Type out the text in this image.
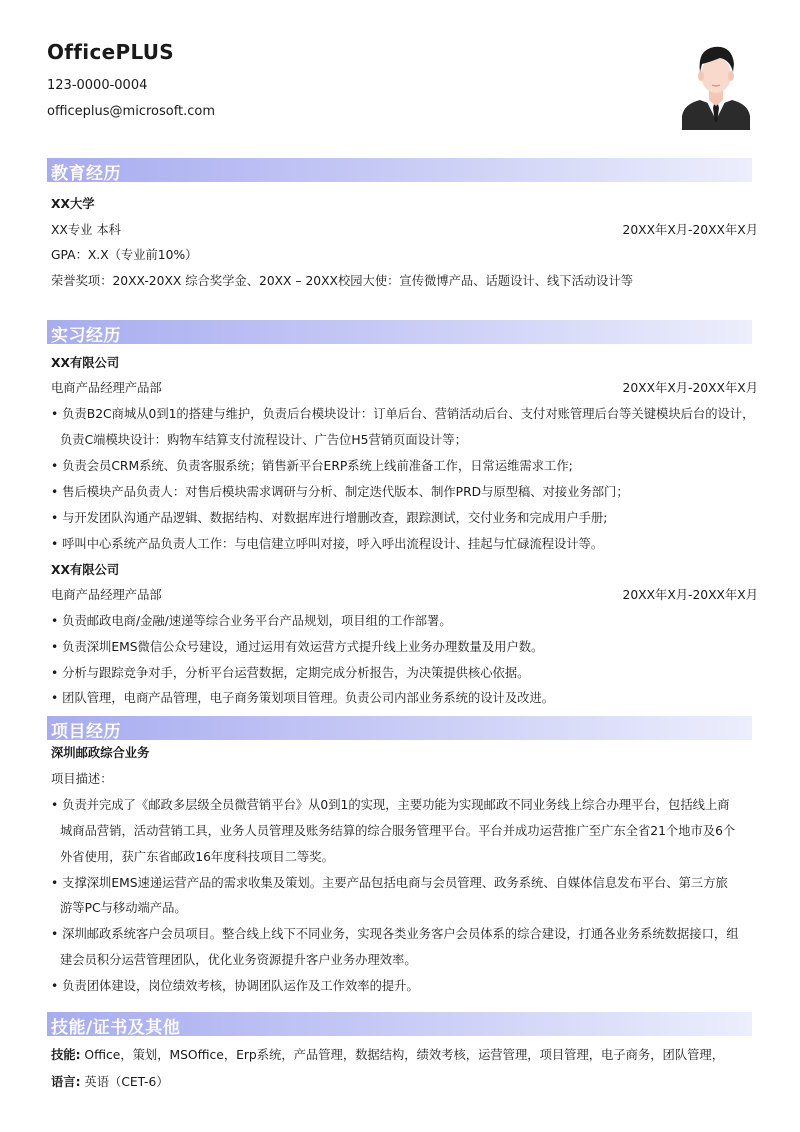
OfficePLUS
123-0000-0004
officeplus@microsoft.com
教育经历
XX大学
XX专业 本科	20XX年X月-20XX年X月
GPA：X.X（专业前10%）
荣誉奖项：20XX-20XX 综合奖学金、20XX – 20XX校园大使：宣传微博产品、话题设计、线下活动设计等
实习经历
XX有限公司
电商产品经理产品部	20XX年X月-20XX年X月
• 负责B2C商城从0到1的搭建与维护，负责后台模块设计：订单后台、营销活动后台、支付对账管理后台等关键模块后台的设计，
负责C端模块设计：购物车结算支付流程设计、广告位H5营销页面设计等；
• 负责会员CRM系统、负责客服系统；销售新平台ERP系统上线前准备工作，日常运维需求工作;
• 售后模块产品负责人：对售后模块需求调研与分析、制定迭代版本、制作PRD与原型稿、对接业务部门；
• 与开发团队沟通产品逻辑、数据结构、对数据库进行增删改查，跟踪测试，交付业务和完成用户手册;
• 呼叫中心系统产品负责人工作：与电信建立呼叫对接，呼入呼出流程设计、挂起与忙碌流程设计等。
XX有限公司
电商产品经理产品部	20XX年X月-20XX年X月
• 负责邮政电商/金融/速递等综合业务平台产品规划，项目组的工作部署。
• 负责深圳EMS微信公众号建设，通过运用有效运营方式提升线上业务办理数量及用户数。
• 分析与跟踪竞争对手，分析平台运营数据，定期完成分析报告，为决策提供核心依据。
• 团队管理，电商产品管理，电子商务策划项目管理。负责公司内部业务系统的设计及改进。
项目经历
深圳邮政综合业务
项目描述：
• 负责并完成了《邮政多层级全员微营销平台》从0到1的实现，主要功能为实现邮政不同业务线上综合办理平台，包括线上商
城商品营销，活动营销工具，业务人员管理及账务结算的综合服务管理平台。平台并成功运营推广至广东全省21个地市及6个
外省使用，获广东省邮政16年度科技项目二等奖。
• 支撑深圳EMS速递运营产品的需求收集及策划。主要产品包括电商与会员管理、政务系统、自媒体信息发布平台、第三方旅
游等PC与移动端产品。
• 深圳邮政系统客户会员项目。整合线上线下不同业务，实现各类业务客户会员体系的综合建设，打通各业务系统数据接口，组
建会员积分运营管理团队，优化业务资源提升客户业务办理效率。
• 负责团体建设，岗位绩效考核，协调团队运作及工作效率的提升。
技能/证书及其他
技能: Office，策划，MSOffice，Erp系统，产品管理，数据结构，绩效考核，运营管理，项目管理，电子商务，团队管理，
语言: 英语（CET-6）
